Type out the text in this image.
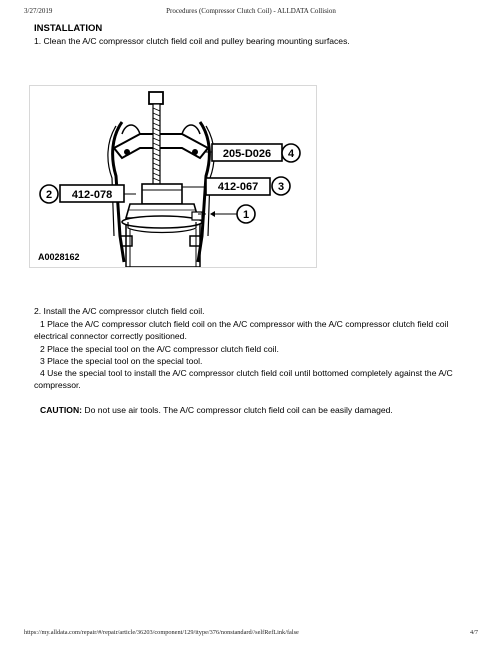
3/27/2019	Procedures (Compressor Clutch Coil) - ALLDATA Collision
INSTALLATION
1. Clean the A/C compressor clutch field coil and pulley bearing mounting surfaces.
205-D026 4
412-067 3
412-078
2
1
A0028162
2. Install the A/C compressor clutch field coil.
1 Place the A/C compressor clutch field coil on the A/C compressor with the A/C compressor clutch field coil
electrical connector correctly positioned.
2 Place the special tool on the A/C compressor clutch field coil.
3 Place the special tool on the special tool.
4 Use the special tool to install the A/C compressor clutch field coil until bottomed completely against the A/C
compressor.
CAUTION: Do not use air tools. The A/C compressor clutch field coil can be easily damaged.
https://my.alldata.com/repair/#/repair/article/36203/component/129/itype/376/nonstandard//selfRefLink/false	4/7
